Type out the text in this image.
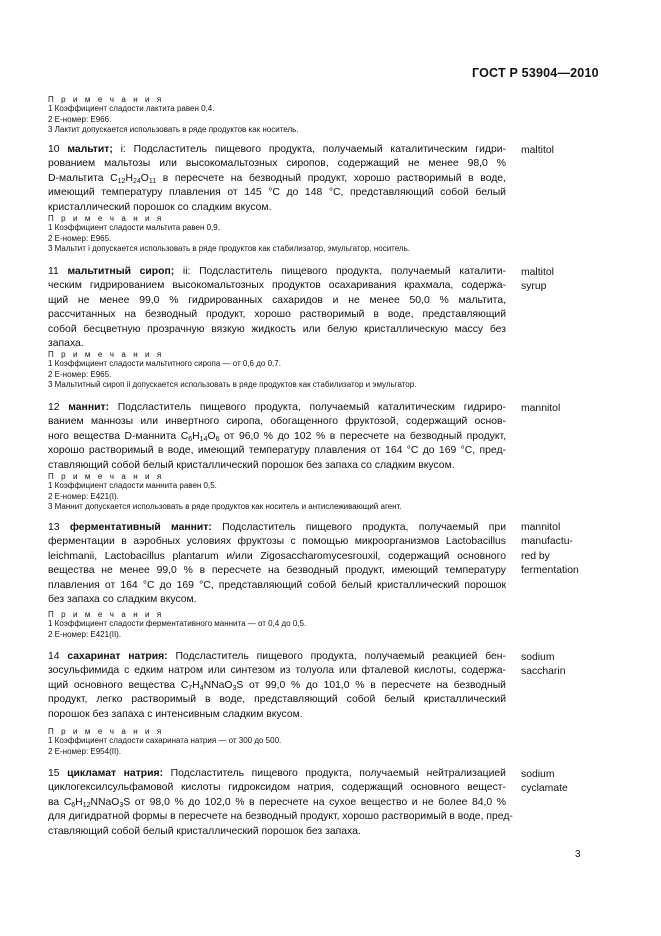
ГОСТ Р 53904—2010
П р и м е ч а н и я
1 Коэффициент сладости лактита равен 0,4.
2 Е-номер: Е966.
3 Лактит допускается использовать в ряде продуктов как носитель.
10 мальтит; i: Подсластитель пищевого продукта, получаемый каталитическим гидри-
рованием мальтозы или высокомальтозных сиропов, содержащий не менее 98,0 %
D-мальтита $C_{12}H_{24}O_{11}$ в пересчете на безводный продукт, хорошо растворимый в воде,
имеющий температуру плавления от 145 °С до 148 °С, представляющий собой белый
кристаллический порошок со сладким вкусом.
maltitol
П р и м е ч а н и я
1 Коэффициент сладости мальтита равен 0,9.
2 Е-номер: Е965.
3 Мальтит i допускается использовать в ряде продуктов как стабилизатор, эмульгатор, носитель.
11 мальтитный сироп; ii: Подсластитель пищевого продукта, получаемый каталити-
ческим гидрированием высокомальтозных продуктов осахаривания крахмала, содержа-
щий не менее 99,0 % гидрированных сахаридов и не менее 50,0 % мальтита,
рассчитанных на безводный продукт, хорошо растворимый в воде, представляющий
собой бесцветную прозрачную вязкую жидкость или белую кристаллическую массу без
запаха.
maltitol
syrup
П р и м е ч а н и я
1 Коэффициент сладости мальтитного сиропа — от 0,6 до 0,7.
2 Е-номер: Е965.
3 Мальтитный сироп ii допускается использовать в ряде продуктов как стабилизатор и эмульгатор.
12 маннит: Подсластитель пищевого продукта, получаемый каталитическим гидриро-
ванием маннозы или инвертного сиропа, обогащенного фруктозой, содержащий основ-
ного вещества D-маннита $C_6H_{14}O_6$ от 96,0 % до 102 % в пересчете на безводный продукт,
хорошо растворимый в воде, имеющий температуру плавления от 164 °С до 169 °С, пред-
ставляющий собой белый кристаллический порошок без запаха со сладким вкусом.
mannitol
П р и м е ч а н и я
1 Коэффициент сладости маннита равен 0,5.
2 Е-номер: Е421(I).
3 Маннит допускается использовать в ряде продуктов как носитель и антислеживающий агент.
13 ферментативный маннит: Подсластитель пищевого продукта, получаемый при
ферментации в аэробных условиях фруктозы с помощью микроорганизмов Lactobacillus
leichmanii, Lactobacillus plantarum и/или Zigosaccharomycesrouxil, содержащий основного
вещества не менее 99,0 % в пересчете на безводный продукт, имеющий температуру
плавления от 164 °С до 169 °С, представляющий собой белый кристаллический порошок
без запаха со сладким вкусом.
mannitol
manufactu-
red by
fermentation
П р и м е ч а н и я
1 Коэффициент сладости ферментативного маннита — от 0,4 до 0,5.
2 Е-номер: Е421(II).
14 сахаринат натрия: Подсластитель пищевого продукта, получаемый реакцией бен-
зосульфимида с едким натром или синтезом из толуола или фталевой кислоты, содержа-
щий основного вещества $C_7H_4NNaO_3S$ от 99,0 % до 101,0 % в пересчете на безводный
продукт, легко растворимый в воде, представляющий собой белый кристаллический
порошок без запаха с интенсивным сладким вкусом.
sodium
saccharin
П р и м е ч а н и я
1 Коэффициент сладости сахарината натрия — от 300 до 500.
2 Е-номер: Е954(II).
15 цикламат натрия: Подсластитель пищевого продукта, получаемый нейтрализацией
циклогексилсульфамовой кислоты гидроксидом натрия, содержащий основного вещест-
ва $C_6H_{12}NNaO_3S$ от 98,0 % до 102,0 % в пересчете на сухое вещество и не более 84,0 %
для дигидратной формы в пересчете на безводный продукт, хорошо растворимый в воде, пред-
ставляющий собой белый кристаллический порошок без запаха.
sodium
cyclamate
3
